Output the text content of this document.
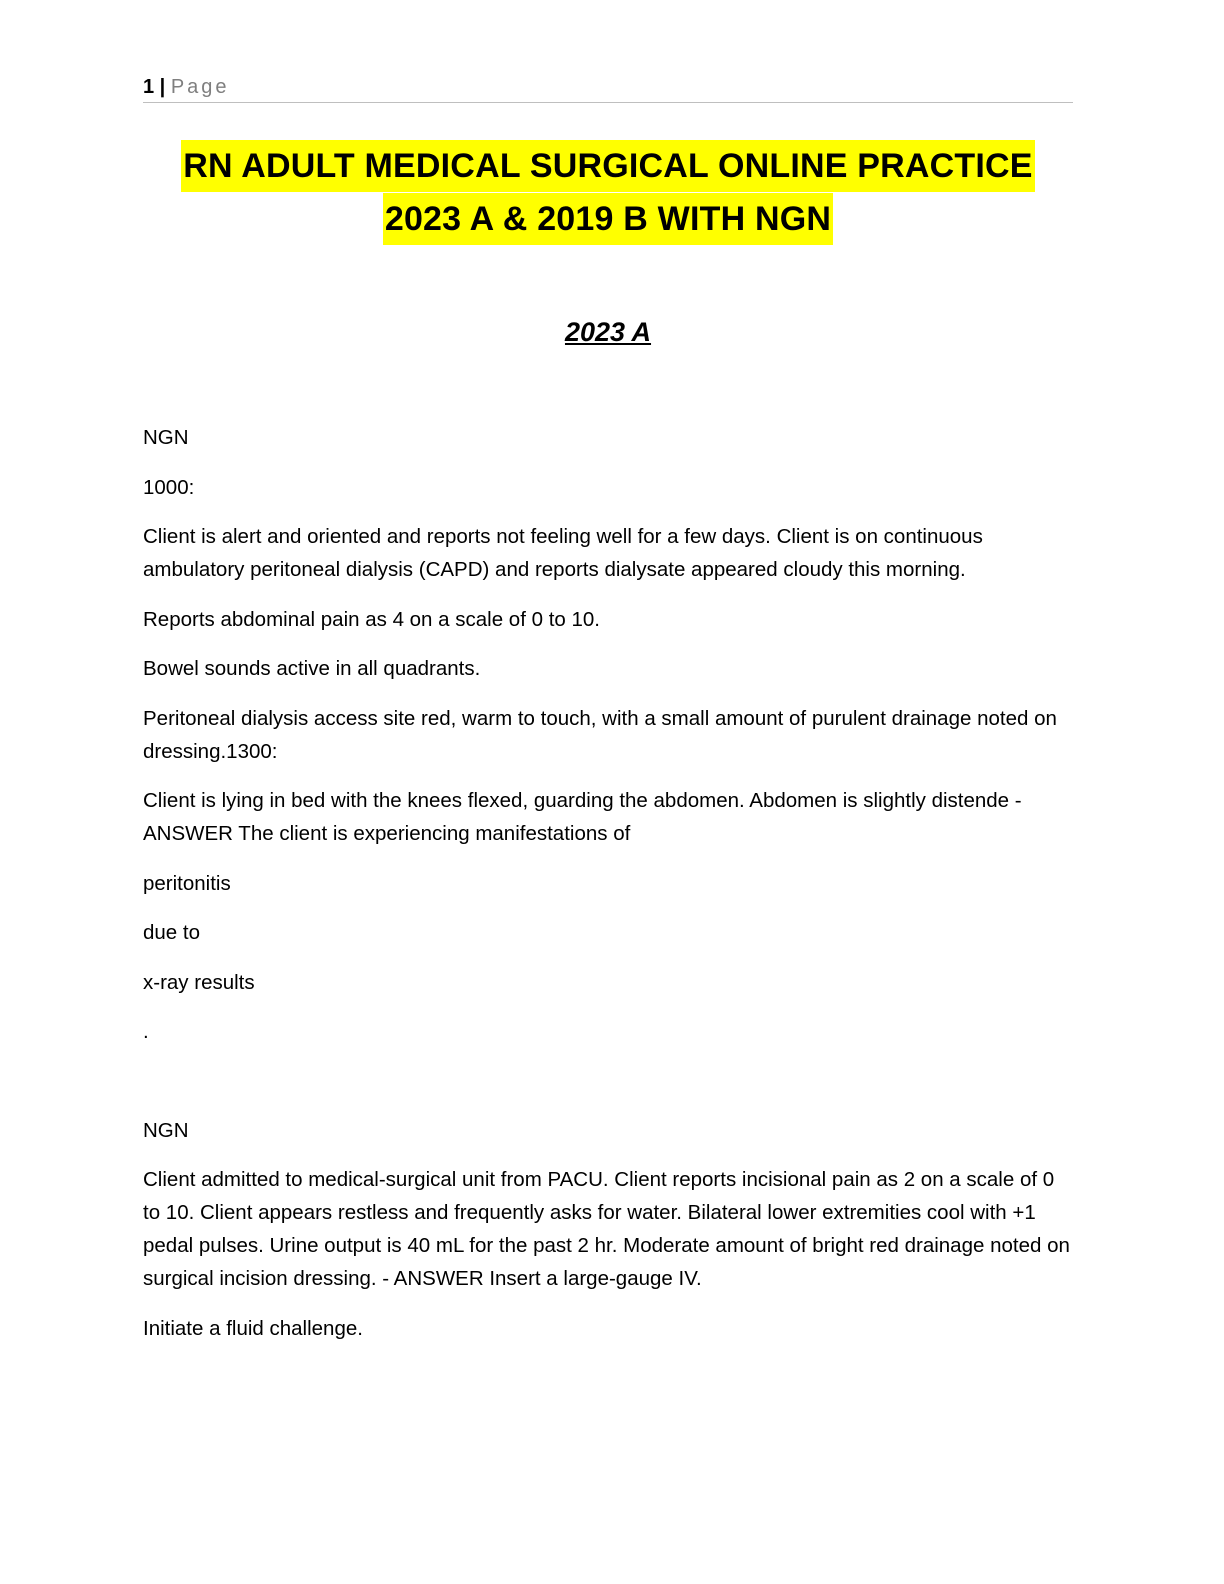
1 | Page
RN ADULT MEDICAL SURGICAL ONLINE PRACTICE
2023 A & 2019 B WITH NGN
2023 A

NGN

1000:

Client is alert and oriented and reports not feeling well for a few days. Client is on continuous ambulatory peritoneal dialysis (CAPD) and reports dialysate appeared cloudy this morning.

Reports abdominal pain as 4 on a scale of 0 to 10.

Bowel sounds active in all quadrants.

Peritoneal dialysis access site red, warm to touch, with a small amount of purulent drainage noted on dressing.1300:

Client is lying in bed with the knees flexed, guarding the abdomen. Abdomen is slightly distende - ANSWER The client is experiencing manifestations of

peritonitis

due to

x-ray results

.

NGN

Client admitted to medical-surgical unit from PACU. Client reports incisional pain as 2 on a scale of 0 to 10. Client appears restless and frequently asks for water. Bilateral lower extremities cool with +1 pedal pulses. Urine output is 40 mL for the past 2 hr. Moderate amount of bright red drainage noted on surgical incision dressing. - ANSWER Insert a large-gauge IV.

Initiate a fluid challenge.
